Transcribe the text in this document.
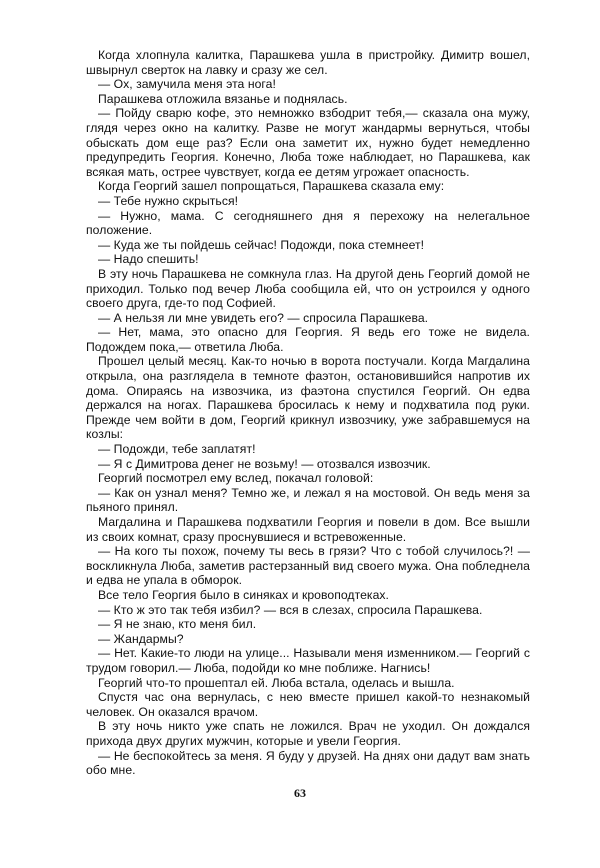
Когда хлопнула калитка, Парашкева ушла в пристройку. Димитр вошел, швырнул сверток на лавку и сразу же сел.

— Ох, замучила меня эта нога!

Парашкева отложила вязанье и поднялась.

— Пойду сварю кофе, это немножко взбодрит тебя,— сказала она мужу, глядя через окно на калитку. Разве не могут жандармы вернуться, чтобы обыскать дом еще раз? Если она заметит их, нужно будет немедленно предупредить Георгия. Конечно, Люба тоже наблюдает, но Парашкева, как всякая мать, острее чувствует, когда ее детям угрожает опасность.

Когда Георгий зашел попрощаться, Парашкева сказала ему:

— Тебе нужно скрыться!

— Нужно, мама. С сегодняшнего дня я перехожу на нелегальное положение.

— Куда же ты пойдешь сейчас! Подожди, пока стемнеет!

— Надо спешить!

В эту ночь Парашкева не сомкнула глаз. На другой день Георгий домой не приходил. Только под вечер Люба сообщила ей, что он устроился у одного своего друга, где-то под Софией.

— А нельзя ли мне увидеть его? — спросила Парашкева.

— Нет, мама, это опасно для Георгия. Я ведь его тоже не видела. Подождем пока,— ответила Люба.

Прошел целый месяц. Как-то ночью в ворота постучали. Когда Магдалина открыла, она разглядела в темноте фаэтон, остановившийся напротив их дома. Опираясь на извозчика, из фаэтона спустился Георгий. Он едва держался на ногах. Парашкева бросилась к нему и подхватила под руки. Прежде чем войти в дом, Георгий крикнул извозчику, уже забравшемуся на козлы:

— Подожди, тебе заплатят!

— Я с Димитрова денег не возьму! — отозвался извозчик.

Георгий посмотрел ему вслед, покачал головой:

— Как он узнал меня? Темно же, и лежал я на мостовой. Он ведь меня за пьяного принял.

Магдалина и Парашкева подхватили Георгия и повели в дом. Все вышли из своих комнат, сразу проснувшиеся и встревоженные.

— На кого ты похож, почему ты весь в грязи? Что с тобой случилось?! — воскликнула Люба, заметив растерзанный вид своего мужа. Она побледнела и едва не упала в обморок.

Все тело Георгия было в синяках и кровоподтеках.

— Кто ж это так тебя избил? — вся в слезах, спросила Парашкева.

— Я не знаю, кто меня бил.

— Жандармы?

— Нет. Какие-то люди на улице... Называли меня изменником.— Георгий с трудом говорил.— Люба, подойди ко мне поближе. Нагнись!

Георгий что-то прошептал ей. Люба встала, оделась и вышла.

Спустя час она вернулась, с нею вместе пришел какой-то незнакомый человек. Он оказался врачом.

В эту ночь никто уже спать не ложился. Врач не уходил. Он дождался прихода двух других мужчин, которые и увели Георгия.

— Не беспокойтесь за меня. Я буду у друзей. На днях они дадут вам знать обо мне.

63
